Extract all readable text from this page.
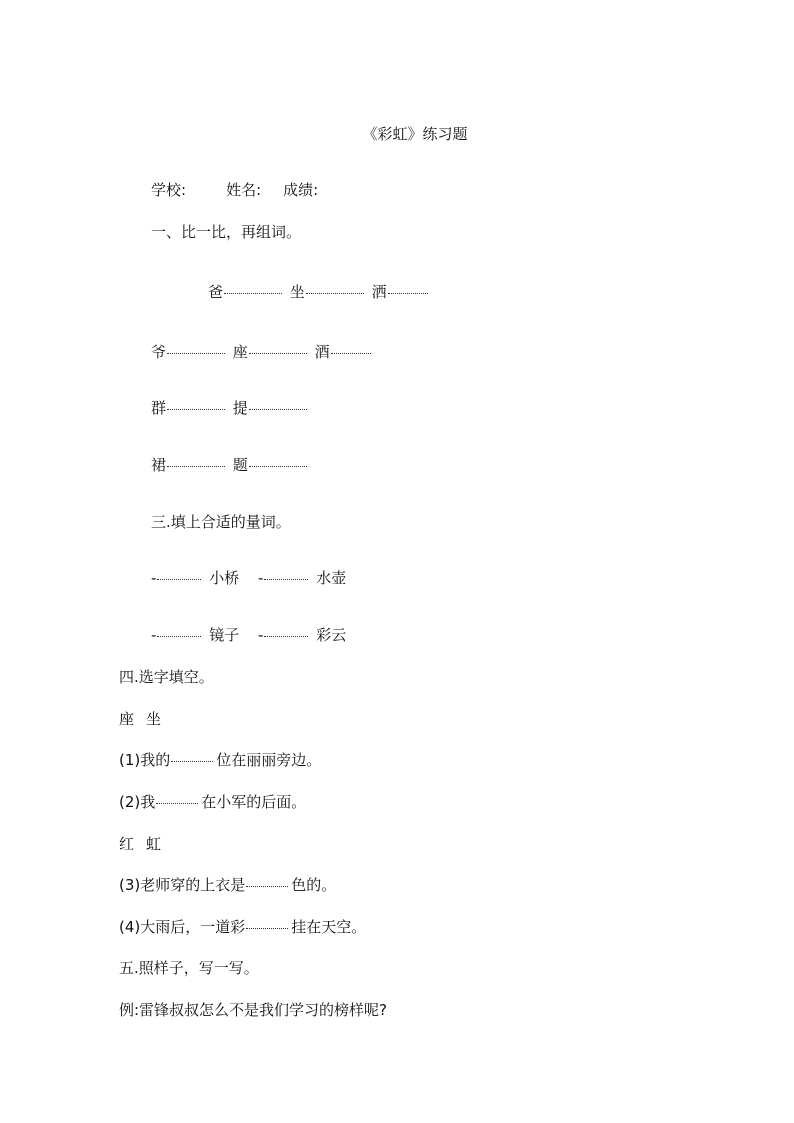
《彩虹》练习题
学校:	姓名: 成绩:
一、比一比，再组词。
爸	坐	洒
爷	座	酒
群	提
裙	题
三.填上合适的量词。
-	小桥 -	水壶
-	镜子 -	彩云
四.选字填空。
座 坐
(1)我的	位在丽丽旁边。
(2)我	在小军的后面。
红 虹
(3)老师穿的上衣是	色的。
(4)大雨后，一道彩	挂在天空。
五.照样子，写一写。
例:雷锋叔叔怎么不是我们学习的榜样呢?
